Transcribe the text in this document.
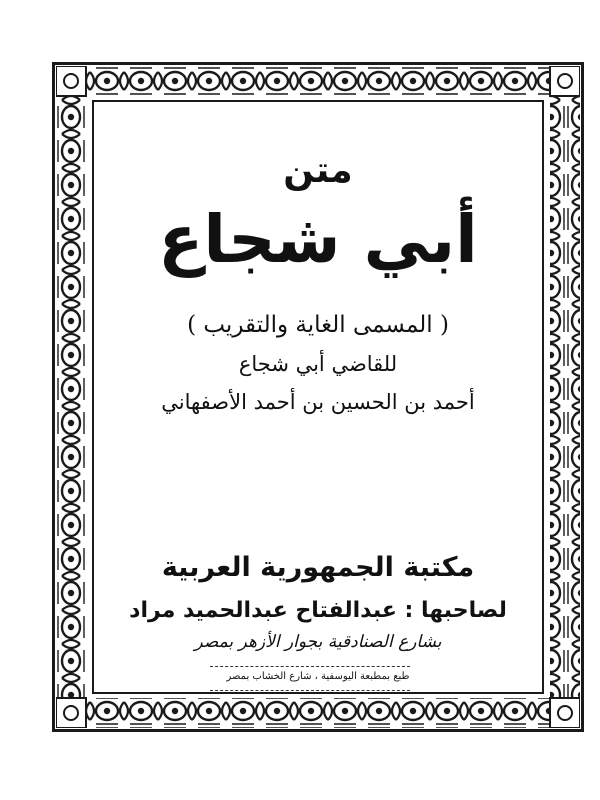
متن
أبي شجاع
( المسمى الغاية والتقريب )
للقاضي أبي شجاع
أحمد بن الحسين بن أحمد الأصفهاني
مكتبة الجمهورية العربية
لصاحبها : عبدالفتاح عبدالحميد مراد
بشارع الصنادقية بجوار الأزهر بمصر
طبع بمطبعة اليوسفية ، شارع الخشاب بمصر
